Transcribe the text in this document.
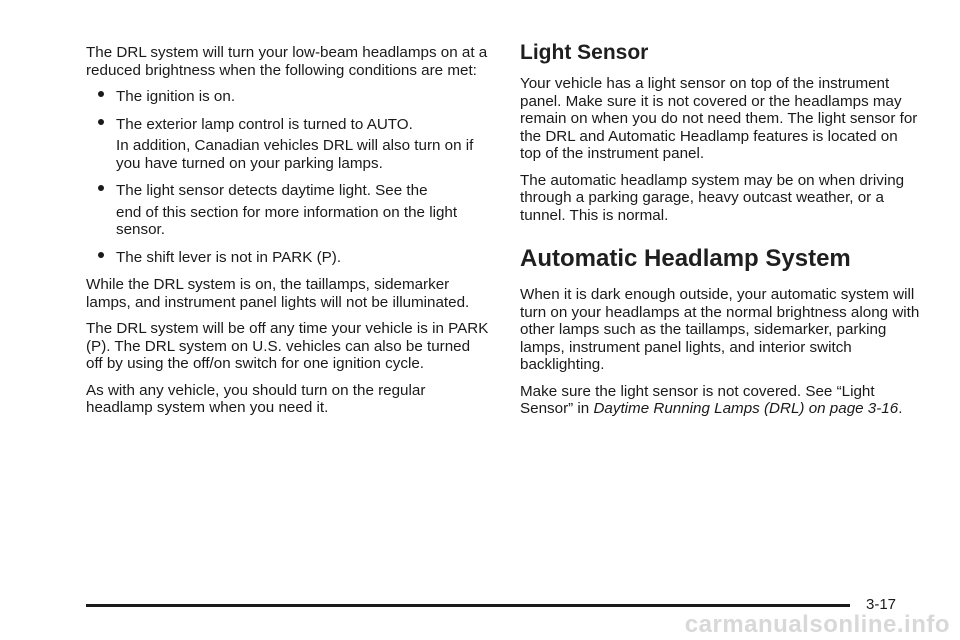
The DRL system will turn your low-beam headlamps on at a reduced brightness when the following conditions are met:

The ignition is on.
The exterior lamp control is turned to AUTO.
In addition, Canadian vehicles DRL will also turn on if you have turned on your parking lamps.
The light sensor detects daytime light. See the
end of this section for more information on the light sensor.
The shift lever is not in PARK (P).

While the DRL system is on, the taillamps, sidemarker lamps, and instrument panel lights will not be illuminated.

The DRL system will be off any time your vehicle is in PARK (P). The DRL system on U.S. vehicles can also be turned off by using the off/on switch for one ignition cycle.

As with any vehicle, you should turn on the regular headlamp system when you need it.

Light Sensor

Your vehicle has a light sensor on top of the instrument panel. Make sure it is not covered or the headlamps may remain on when you do not need them. The light sensor for the DRL and Automatic Headlamp features is located on top of the instrument panel.

The automatic headlamp system may be on when driving through a parking garage, heavy outcast weather, or a tunnel. This is normal.

Automatic Headlamp System

When it is dark enough outside, your automatic system will turn on your headlamps at the normal brightness along with other lamps such as the taillamps, sidemarker, parking lamps, instrument panel lights, and interior switch backlighting.

Make sure the light sensor is not covered. See “Light Sensor” in Daytime Running Lamps (DRL) on page 3-16.

3-17
carmanualsonline.info
